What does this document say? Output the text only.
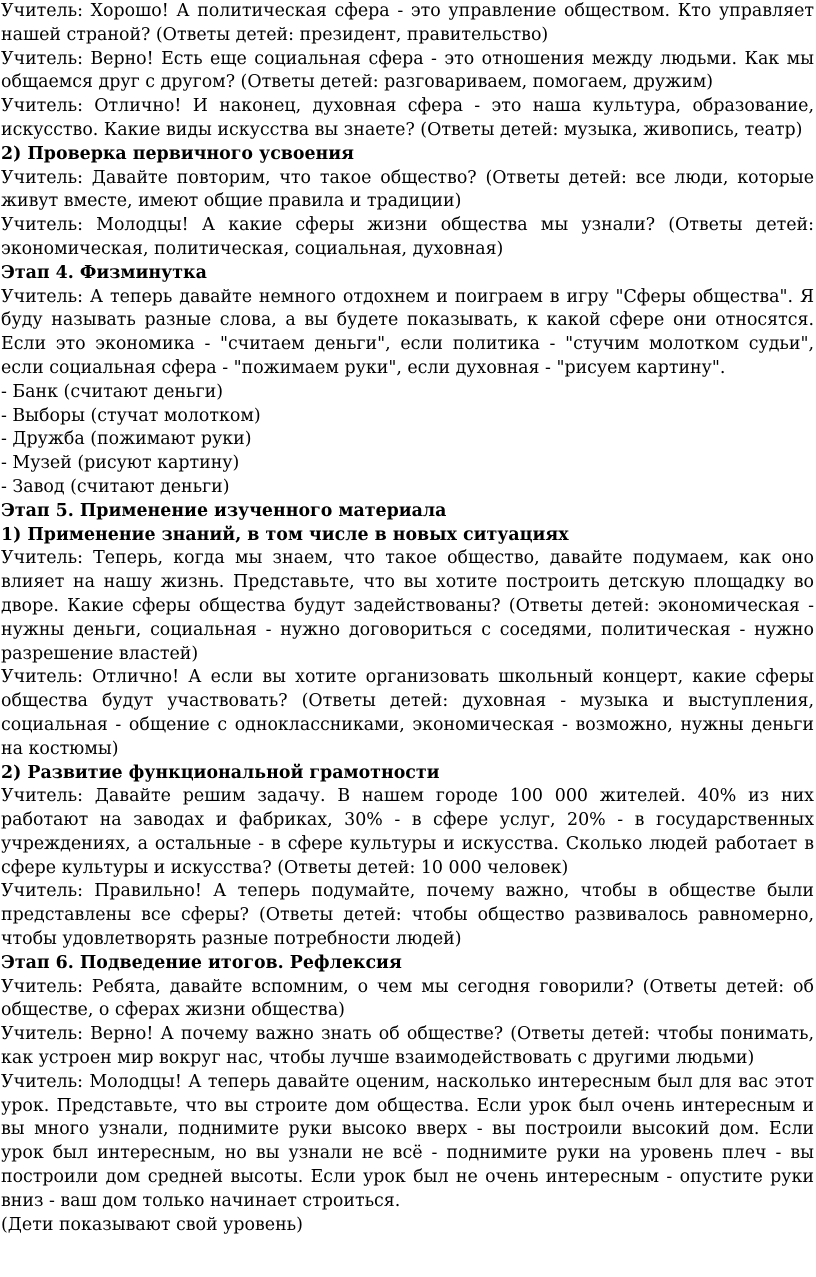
Учитель: Хорошо! А политическая сфера - это управление обществом. Кто управляет нашей страной? (Ответы детей: президент, правительство)

Учитель: Верно! Есть еще социальная сфера - это отношения между людьми. Как мы общаемся друг с другом? (Ответы детей: разговариваем, помогаем, дружим)

Учитель: Отлично! И наконец, духовная сфера - это наша культура, образование, искусство. Какие виды искусства вы знаете? (Ответы детей: музыка, живопись, театр)

2) Проверка первичного усвоения

Учитель: Давайте повторим, что такое общество? (Ответы детей: все люди, которые живут вместе, имеют общие правила и традиции)

Учитель: Молодцы! А какие сферы жизни общества мы узнали? (Ответы детей: экономическая, политическая, социальная, духовная)

Этап 4. Физминутка

Учитель: А теперь давайте немного отдохнем и поиграем в игру "Сферы общества". Я буду называть разные слова, а вы будете показывать, к какой сфере они относятся. Если это экономика - "считаем деньги", если политика - "стучим молотком судьи", если социальная сфера - "пожимаем руки", если духовная - "рисуем картину".

- Банк (считают деньги)

- Выборы (стучат молотком)

- Дружба (пожимают руки)

- Музей (рисуют картину)

- Завод (считают деньги)

Этап 5. Применение изученного материала

1) Применение знаний, в том числе в новых ситуациях

Учитель: Теперь, когда мы знаем, что такое общество, давайте подумаем, как оно влияет на нашу жизнь. Представьте, что вы хотите построить детскую площадку во дворе. Какие сферы общества будут задействованы? (Ответы детей: экономическая - нужны деньги, социальная - нужно договориться с соседями, политическая - нужно разрешение властей)

Учитель: Отлично! А если вы хотите организовать школьный концерт, какие сферы общества будут участвовать? (Ответы детей: духовная - музыка и выступления, социальная - общение с одноклассниками, экономическая - возможно, нужны деньги на костюмы)

2) Развитие функциональной грамотности

Учитель: Давайте решим задачу. В нашем городе 100 000 жителей. 40% из них работают на заводах и фабриках, 30% - в сфере услуг, 20% - в государственных учреждениях, а остальные - в сфере культуры и искусства. Сколько людей работает в сфере культуры и искусства? (Ответы детей: 10 000 человек)

Учитель: Правильно! А теперь подумайте, почему важно, чтобы в обществе были представлены все сферы? (Ответы детей: чтобы общество развивалось равномерно, чтобы удовлетворять разные потребности людей)

Этап 6. Подведение итогов. Рефлексия

Учитель: Ребята, давайте вспомним, о чем мы сегодня говорили? (Ответы детей: об обществе, о сферах жизни общества)

Учитель: Верно! А почему важно знать об обществе? (Ответы детей: чтобы понимать, как устроен мир вокруг нас, чтобы лучше взаимодействовать с другими людьми)

Учитель: Молодцы! А теперь давайте оценим, насколько интересным был для вас этот урок. Представьте, что вы строите дом общества. Если урок был очень интересным и вы много узнали, поднимите руки высоко вверх - вы построили высокий дом. Если урок был интересным, но вы узнали не всё - поднимите руки на уровень плеч - вы построили дом средней высоты. Если урок был не очень интересным - опустите руки вниз - ваш дом только начинает строиться.

(Дети показывают свой уровень)
